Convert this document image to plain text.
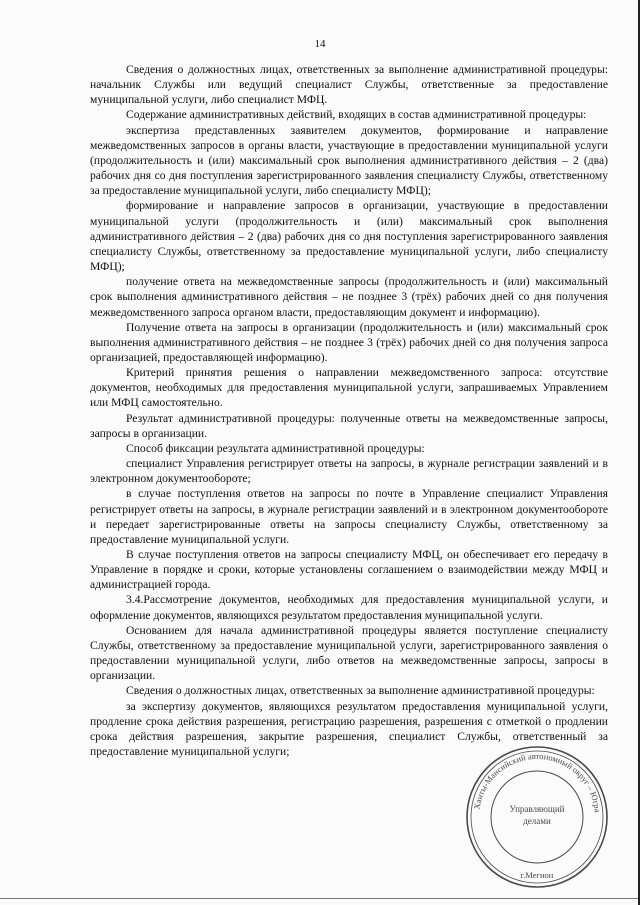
14

Сведения о должностных лицах, ответственных за выполнение административной процедуры: начальник Службы или ведущий специалист Службы, ответственные за предоставление муниципальной услуги, либо специалист МФЦ.

Содержание административных действий, входящих в состав административной процедуры:

экспертиза представленных заявителем документов, формирование и направление межведомственных запросов в органы власти, участвующие в предоставлении муниципальной услуги (продолжительность и (или) максимальный срок выполнения административного действия – 2 (два) рабочих дня со дня поступления зарегистрированного заявления специалисту Службы, ответственному за предоставление муниципальной услуги, либо специалисту МФЦ);

формирование и направление запросов в организации, участвующие в предоставлении муниципальной услуги (продолжительность и (или) максимальный срок выполнения административного действия – 2 (два) рабочих дня со дня поступления зарегистрированного заявления специалисту Службы, ответственному за предоставление муниципальной услуги, либо специалисту МФЦ);

получение ответа на межведомственные запросы (продолжительность и (или) максимальный срок выполнения административного действия – не позднее 3 (трёх) рабочих дней со дня получения межведомственного запроса органом власти, предоставляющим документ и информацию).

Получение ответа на запросы в организации (продолжительность и (или) максимальный срок выполнения административного действия – не позднее 3 (трёх) рабочих дней со дня получения запроса организацией, предоставляющей информацию).

Критерий принятия решения о направлении межведомственного запроса: отсутствие документов, необходимых для предоставления муниципальной услуги, запрашиваемых Управлением или МФЦ самостоятельно.

Результат административной процедуры: полученные ответы на межведомственные запросы, запросы в организации.

Способ фиксации результата административной процедуры:

специалист Управления регистрирует ответы на запросы, в журнале регистрации заявлений и в электронном документообороте;

в случае поступления ответов на запросы по почте в Управление специалист Управления регистрирует ответы на запросы, в журнале регистрации заявлений и в электронном документообороте и передает зарегистрированные ответы на запросы специалисту Службы, ответственному за предоставление муниципальной услуги.

В случае поступления ответов на запросы специалисту МФЦ, он обеспечивает его передачу в Управление в порядке и сроки, которые установлены соглашением о взаимодействии между МФЦ и администрацией города.

3.4.Рассмотрение документов, необходимых для предоставления муниципальной услуги, и оформление документов, являющихся результатом предоставления муниципальной услуги.

Основанием для начала административной процедуры является поступление специалисту Службы, ответственному за предоставление муниципальной услуги, зарегистрированного заявления о предоставлении муниципальной услуги, либо ответов на межведомственные запросы, запросы в организации.

Сведения о должностных лицах, ответственных за выполнение административной процедуры:

за экспертизу документов, являющихся результатом предоставления муниципальной услуги, продление срока действия разрешения, регистрацию разрешения, разрешения с отметкой о продлении срока действия разрешения, закрытие разрешения, специалист Службы, ответственный за предоставление муниципальной услуги;

Ханты-Мансийский автономный округ – Югра
Управляющий
делами
г.Мегион
